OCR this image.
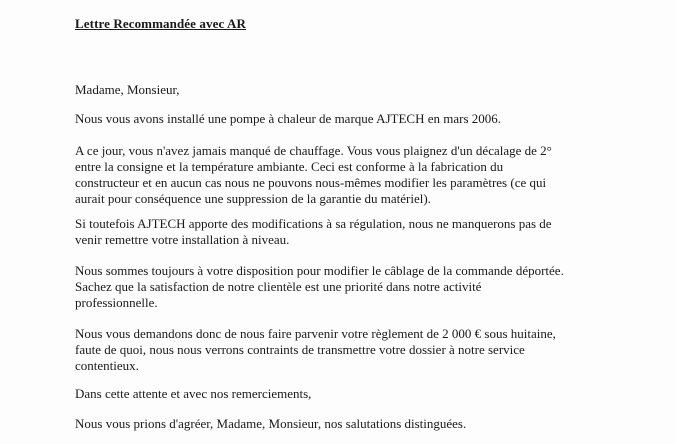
Lettre Recommandée avec AR
Madame, Monsieur,
Nous vous avons installé une pompe à chaleur de marque AJTECH en mars 2006.
A ce jour, vous n'avez jamais manqué de chauffage. Vous vous plaignez d'un décalage de 2°
entre la consigne et la température ambiante. Ceci est conforme à la fabrication du
constructeur et en aucun cas nous ne pouvons nous-mêmes modifier les paramètres (ce qui
aurait pour conséquence une suppression de la garantie du matériel).
Si toutefois AJTECH apporte des modifications à sa régulation, nous ne manquerons pas de
venir remettre votre installation à niveau.
Nous sommes toujours à votre disposition pour modifier le câblage de la commande déportée.
Sachez que la satisfaction de notre clientèle est une priorité dans notre activité
professionnelle.
Nous vous demandons donc de nous faire parvenir votre règlement de 2 000 € sous huitaine,
faute de quoi, nous nous verrons contraints de transmettre votre dossier à notre service
contentieux.
Dans cette attente et avec nos remerciements,
Nous vous prions d'agréer, Madame, Monsieur, nos salutations distinguées.
